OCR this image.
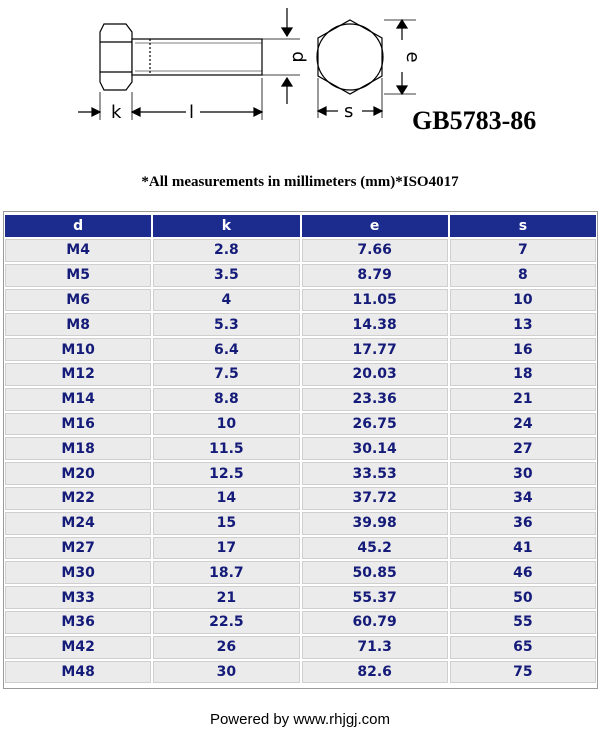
k	l
d
s
e
GB5783-86
*All measurements in millimeters (mm)*ISO4017
d	k	e	s
M4	2.8	7.66	7
M5	3.5	8.79	8
M6	4	11.05	10
M8	5.3	14.38	13
M10	6.4	17.77	16
M12	7.5	20.03	18
M14	8.8	23.36	21
M16	10	26.75	24
M18	11.5	30.14	27
M20	12.5	33.53	30
M22	14	37.72	34
M24	15	39.98	36
M27	17	45.2	41
M30	18.7	50.85	46
M33	21	55.37	50
M36	22.5	60.79	55
M42	26	71.3	65
M48	30	82.6	75
Powered by www.rhjgj.com
